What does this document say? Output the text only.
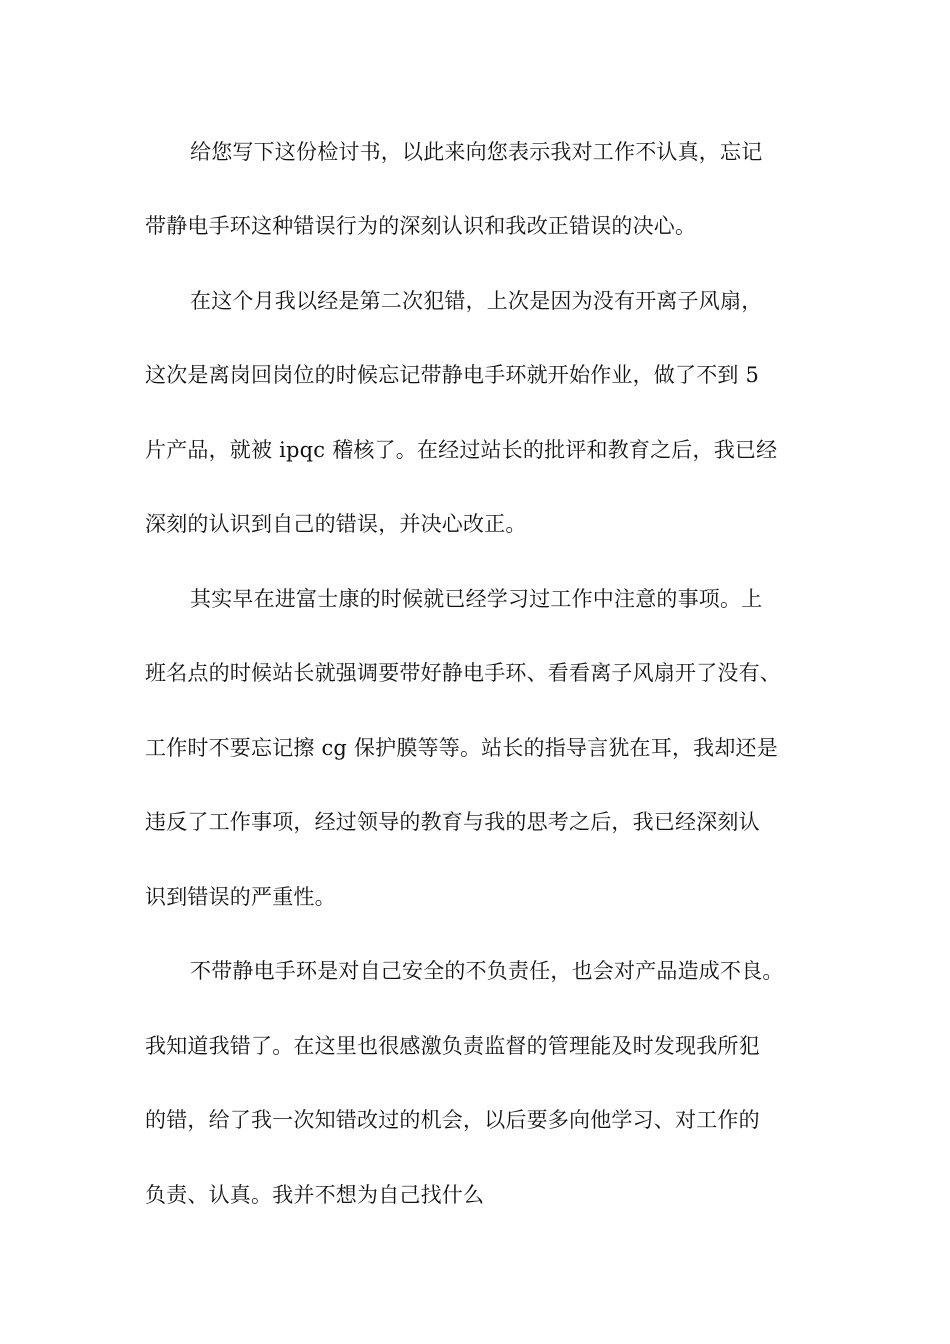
给您写下这份检讨书，以此来向您表示我对工作不认真，忘记
带静电手环这种错误行为的深刻认识和我改正错误的决心。
在这个月我以经是第二次犯错，上次是因为没有开离子风扇，
这次是离岗回岗位的时候忘记带静电手环就开始作业，做了不到 5
片产品，就被 ipqc 稽核了。在经过站长的批评和教育之后，我已经
深刻的认识到自己的错误，并决心改正。
其实早在进富士康的时候就已经学习过工作中注意的事项。上
班名点的时候站长就强调要带好静电手环、看看离子风扇开了没有、
工作时不要忘记擦 cg 保护膜等等。站长的指导言犹在耳，我却还是
违反了工作事项，经过领导的教育与我的思考之后，我已经深刻认
识到错误的严重性。
不带静电手环是对自己安全的不负责任，也会对产品造成不良。
我知道我错了。在这里也很感激负责监督的管理能及时发现我所犯
的错，给了我一次知错改过的机会，以后要多向他学习、对工作的
负责、认真。我并不想为自己找什么
